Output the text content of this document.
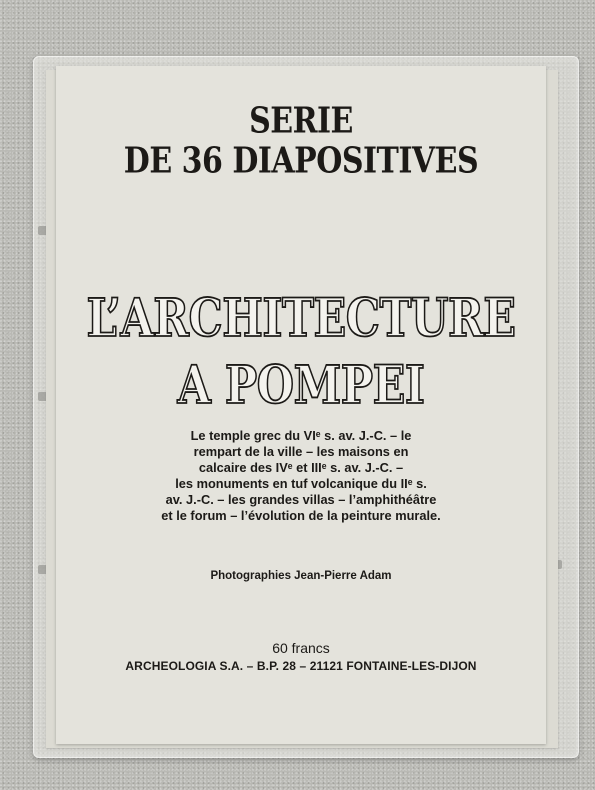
SERIE
DE 36 DIAPOSITIVES
L’ARCHITECTURE
A POMPEI
Le temple grec du VIᵉ s. av. J.-C. – le
rempart de la ville – les maisons en
calcaire des IVᵉ et IIIᵉ s. av. J.-C. –
les monuments en tuf volcanique du IIᵉ s.
av. J.-C. – les grandes villas – l’amphithéâtre
et le forum – l’évolution de la peinture murale.
Photographies Jean-Pierre Adam
60 francs
ARCHEOLOGIA S.A. – B.P. 28 – 21121 FONTAINE-LES-DIJON
